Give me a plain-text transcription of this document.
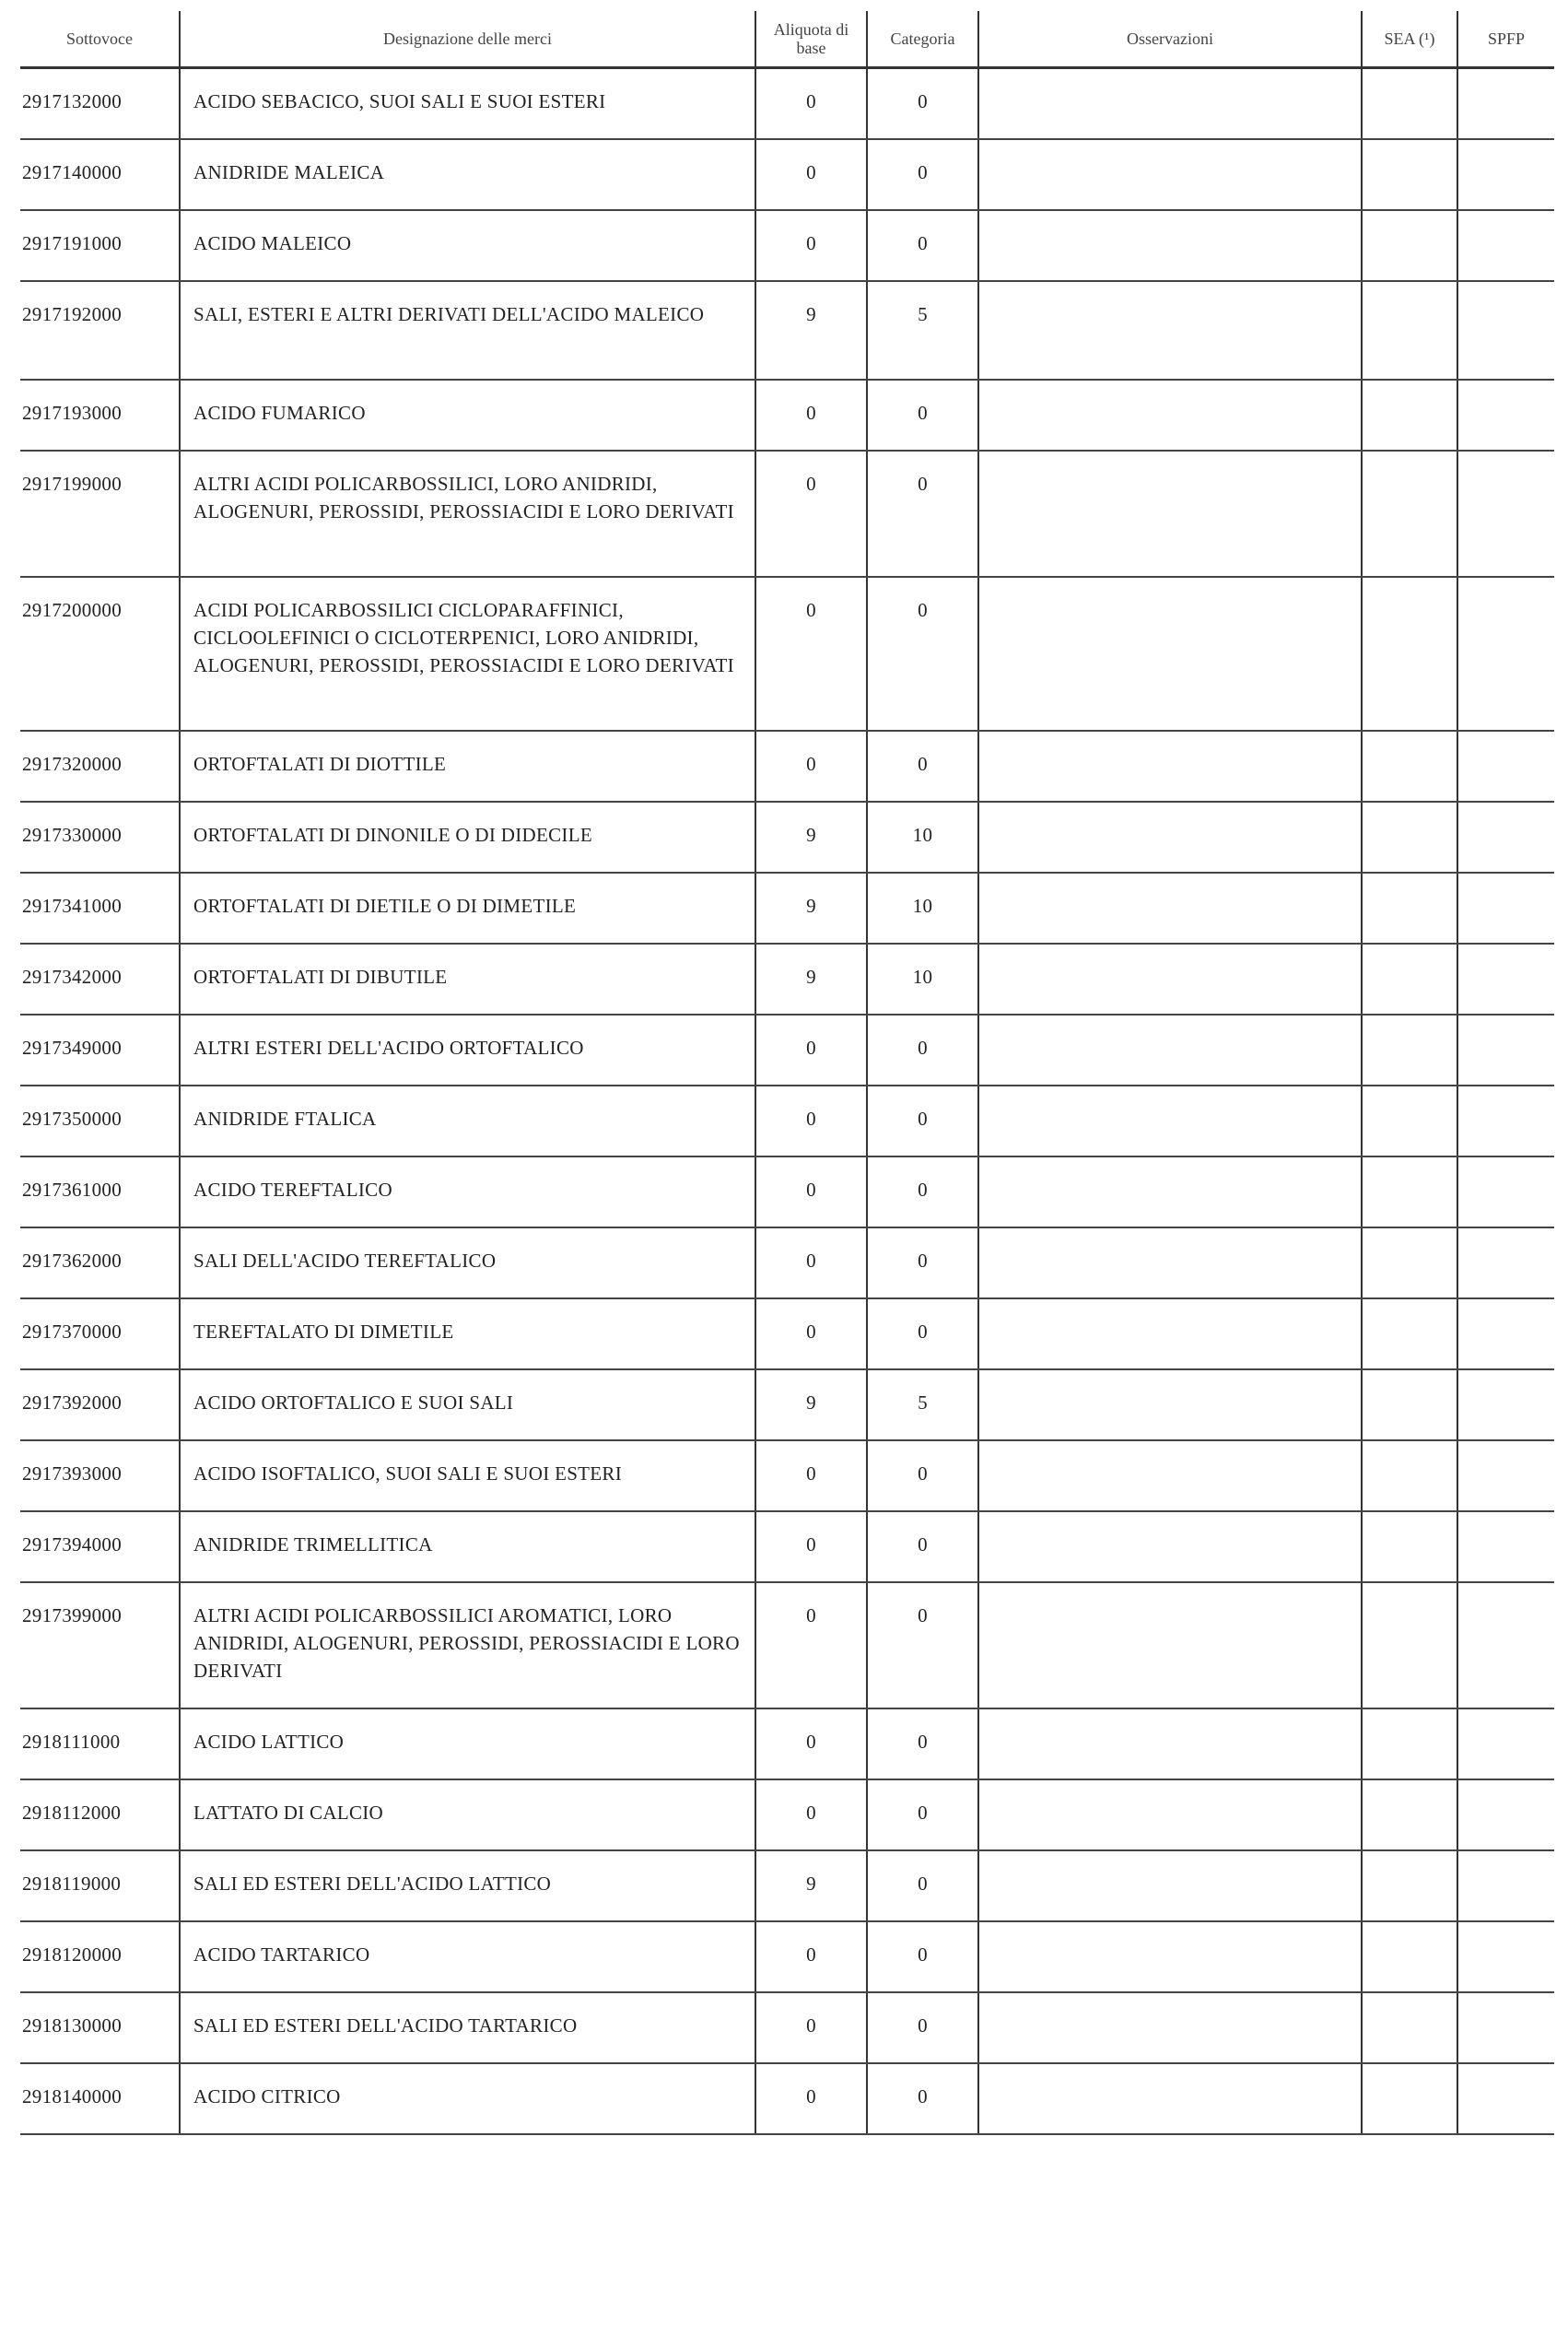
Sottovoce	Designazione delle merci	Aliquota di base	Categoria	Osservazioni	SEA (¹)	SPFP
2917132000	ACIDO SEBACICO, SUOI SALI E SUOI ESTERI	0	0			
2917140000	ANIDRIDE MALEICA	0	0			
2917191000	ACIDO MALEICO	0	0			
2917192000	SALI, ESTERI E ALTRI DERIVATI DELL'ACIDO MALEICO	9	5			
2917193000	ACIDO FUMARICO	0	0			
2917199000	ALTRI ACIDI POLICARBOSSILICI, LORO ANIDRIDI, ALOGENURI, PEROSSIDI, PEROSSIACIDI E LORO DERIVATI	0	0			
2917200000	ACIDI POLICARBOSSILICI CICLOPARAFFINICI, CICLOOLEFINICI O CICLOTERPENICI, LORO ANIDRIDI, ALOGENURI, PEROSSIDI, PEROSSIACIDI E LORO DERIVATI	0	0			
2917320000	ORTOFTALATI DI DIOTTILE	0	0			
2917330000	ORTOFTALATI DI DINONILE O DI DIDECILE	9	10			
2917341000	ORTOFTALATI DI DIETILE O DI DIMETILE	9	10			
2917342000	ORTOFTALATI DI DIBUTILE	9	10			
2917349000	ALTRI ESTERI DELL'ACIDO ORTOFTALICO	0	0			
2917350000	ANIDRIDE FTALICA	0	0			
2917361000	ACIDO TEREFTALICO	0	0			
2917362000	SALI DELL'ACIDO TEREFTALICO	0	0			
2917370000	TEREFTALATO DI DIMETILE	0	0			
2917392000	ACIDO ORTOFTALICO E SUOI SALI	9	5			
2917393000	ACIDO ISOFTALICO, SUOI SALI E SUOI ESTERI	0	0			
2917394000	ANIDRIDE TRIMELLITICA	0	0			
2917399000	ALTRI ACIDI POLICARBOSSILICI AROMATICI, LORO ANIDRIDI, ALOGENURI, PEROSSIDI, PEROSSIACIDI E LORO DERIVATI	0	0			
2918111000	ACIDO LATTICO	0	0			
2918112000	LATTATO DI CALCIO	0	0			
2918119000	SALI ED ESTERI DELL'ACIDO LATTICO	9	0			
2918120000	ACIDO TARTARICO	0	0			
2918130000	SALI ED ESTERI DELL'ACIDO TARTARICO	0	0			
2918140000	ACIDO CITRICO	0	0			
